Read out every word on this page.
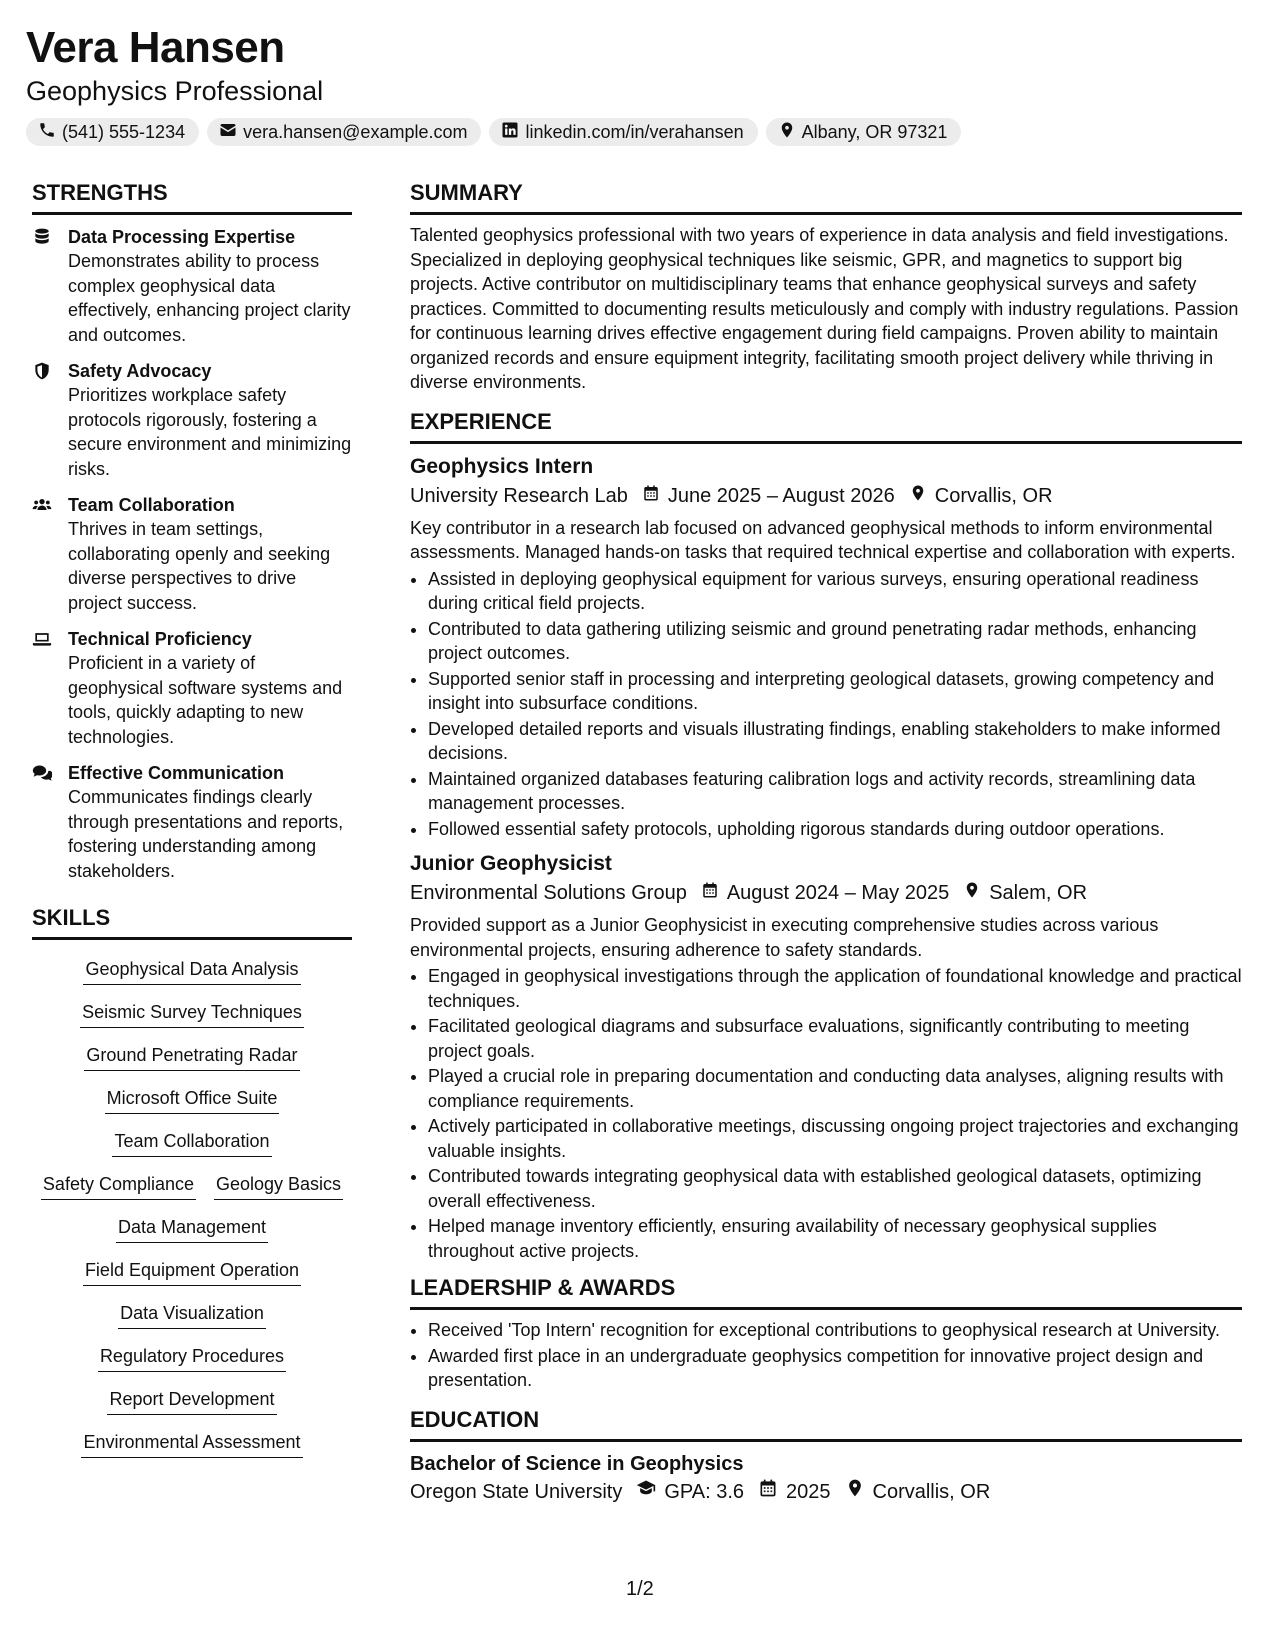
Vera Hansen
Geophysics Professional
(541) 555-1234	vera.hansen@example.com	linkedin.com/in/verahansen	Albany, OR 97321
STRENGTHS
Data Processing Expertise
Demonstrates ability to process complex geophysical data effectively, enhancing project clarity and outcomes.
Safety Advocacy
Prioritizes workplace safety protocols rigorously, fostering a secure environment and minimizing risks.
Team Collaboration
Thrives in team settings, collaborating openly and seeking diverse perspectives to drive project success.
Technical Proficiency
Proficient in a variety of geophysical software systems and tools, quickly adapting to new technologies.
Effective Communication
Communicates findings clearly through presentations and reports, fostering understanding among stakeholders.
SKILLS
Geophysical Data Analysis
Seismic Survey Techniques
Ground Penetrating Radar
Microsoft Office Suite
Team Collaboration
Safety Compliance Geology Basics
Data Management
Field Equipment Operation
Data Visualization
Regulatory Procedures
Report Development
Environmental Assessment
SUMMARY
Talented geophysics professional with two years of experience in data analysis and field investigations. Specialized in deploying geophysical techniques like seismic, GPR, and magnetics to support big projects. Active contributor on multidisciplinary teams that enhance geophysical surveys and safety practices. Committed to documenting results meticulously and comply with industry regulations. Passion for continuous learning drives effective engagement during field campaigns. Proven ability to maintain organized records and ensure equipment integrity, facilitating smooth project delivery while thriving in diverse environments.
EXPERIENCE
Geophysics Intern
University Research Lab June 2025 – August 2026 Corvallis, OR
Key contributor in a research lab focused on advanced geophysical methods to inform environmental assessments. Managed hands-on tasks that required technical expertise and collaboration with experts.
• Assisted in deploying geophysical equipment for various surveys, ensuring operational readiness during critical field projects.
• Contributed to data gathering utilizing seismic and ground penetrating radar methods, enhancing project outcomes.
• Supported senior staff in processing and interpreting geological datasets, growing competency and insight into subsurface conditions.
• Developed detailed reports and visuals illustrating findings, enabling stakeholders to make informed decisions.
• Maintained organized databases featuring calibration logs and activity records, streamlining data management processes.
• Followed essential safety protocols, upholding rigorous standards during outdoor operations.
Junior Geophysicist
Environmental Solutions Group August 2024 – May 2025 Salem, OR
Provided support as a Junior Geophysicist in executing comprehensive studies across various environmental projects, ensuring adherence to safety standards.
• Engaged in geophysical investigations through the application of foundational knowledge and practical techniques.
• Facilitated geological diagrams and subsurface evaluations, significantly contributing to meeting project goals.
• Played a crucial role in preparing documentation and conducting data analyses, aligning results with compliance requirements.
• Actively participated in collaborative meetings, discussing ongoing project trajectories and exchanging valuable insights.
• Contributed towards integrating geophysical data with established geological datasets, optimizing overall effectiveness.
• Helped manage inventory efficiently, ensuring availability of necessary geophysical supplies throughout active projects.
LEADERSHIP & AWARDS
• Received 'Top Intern' recognition for exceptional contributions to geophysical research at University.
• Awarded first place in an undergraduate geophysics competition for innovative project design and presentation.
EDUCATION
Bachelor of Science in Geophysics
Oregon State University GPA: 3.6 2025 Corvallis, OR
1/2
